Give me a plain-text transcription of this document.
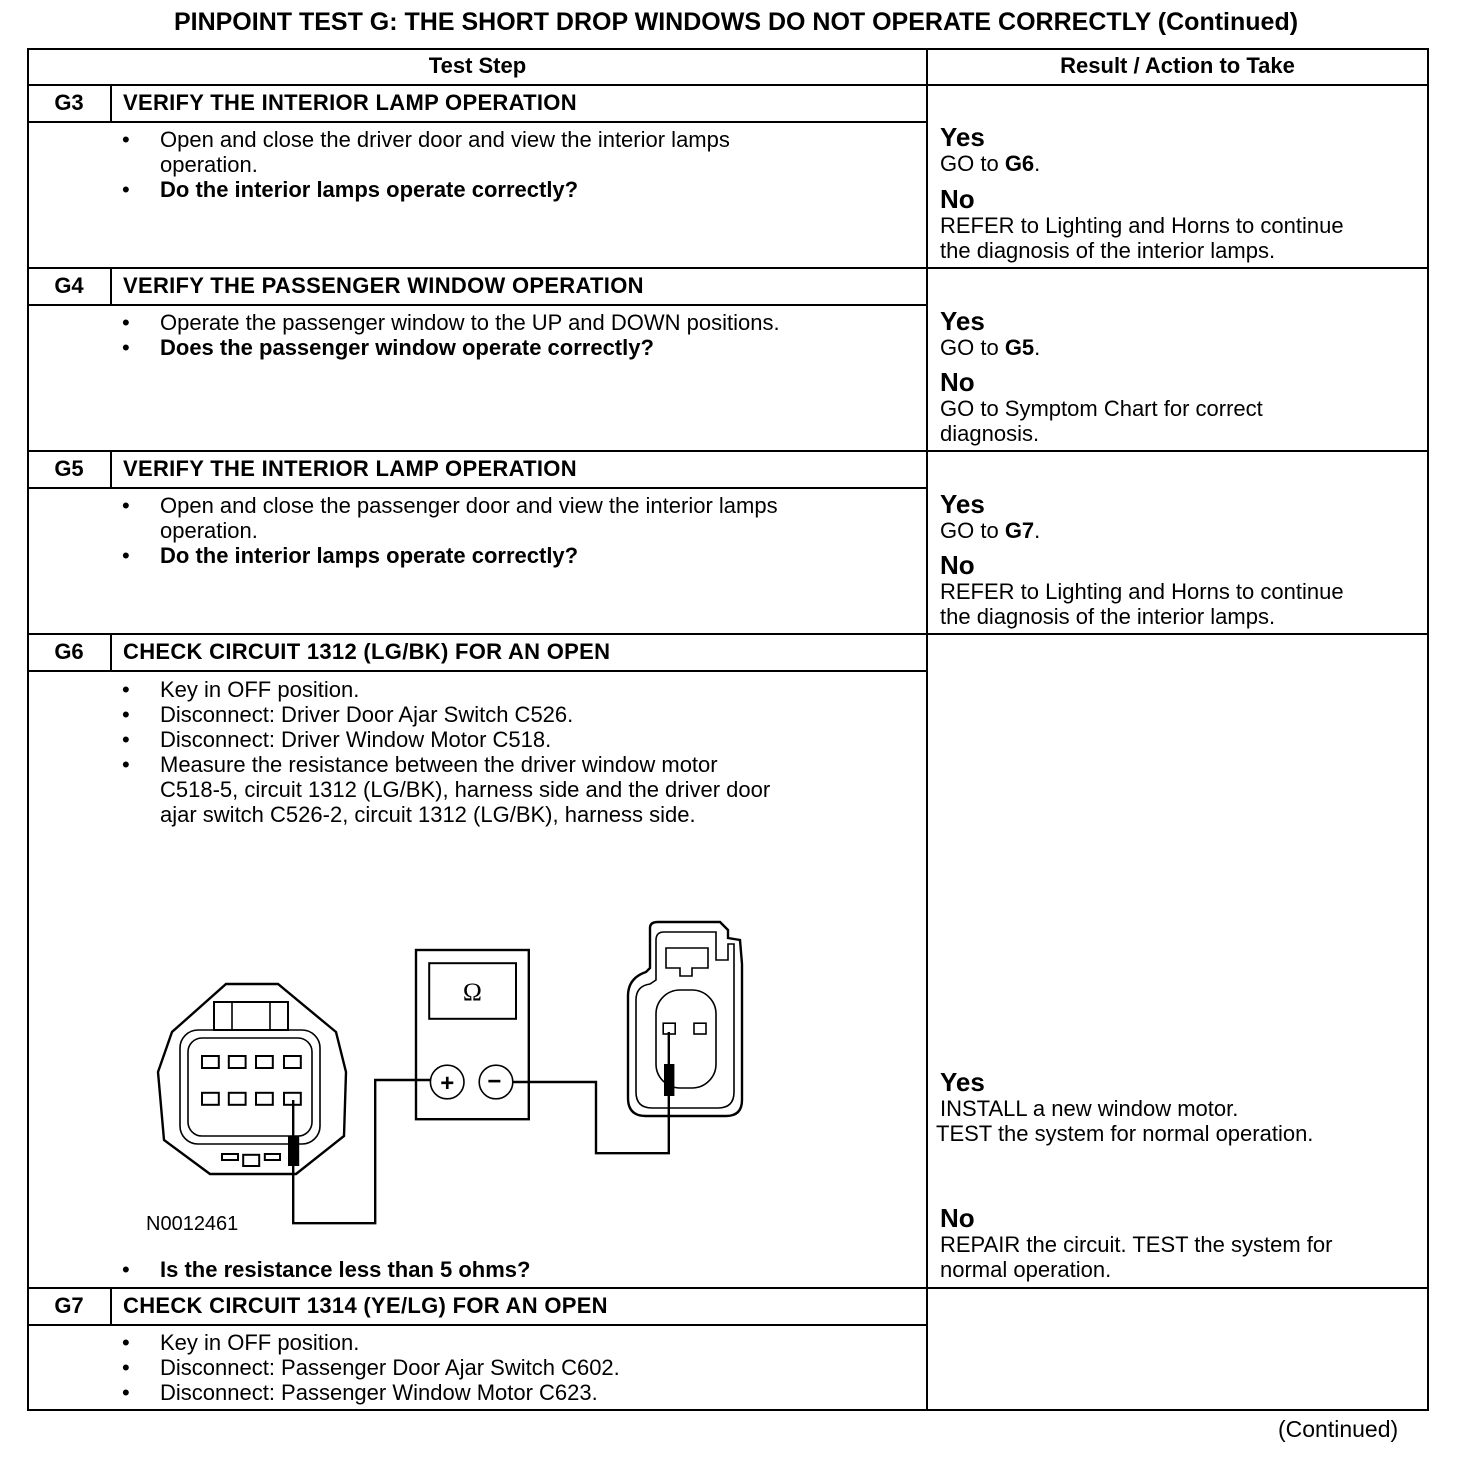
PINPOINT TEST G: THE SHORT DROP WINDOWS DO NOT OPERATE CORRECTLY (Continued)
Test Step	Result / Action to Take
G3	VERIFY THE INTERIOR LAMP OPERATION
• Open and close the driver door and view the interior lamps
operation.
• Do the interior lamps operate correctly?
Yes
GO to G6.
No
REFER to Lighting and Horns to continue
the diagnosis of the interior lamps.
G4	VERIFY THE PASSENGER WINDOW OPERATION
• Operate the passenger window to the UP and DOWN positions.
• Does the passenger window operate correctly?
Yes
GO to G5.
No
GO to Symptom Chart for correct
diagnosis.
G5	VERIFY THE INTERIOR LAMP OPERATION
• Open and close the passenger door and view the interior lamps
operation.
• Do the interior lamps operate correctly?
Yes
GO to G7.
No
REFER to Lighting and Horns to continue
the diagnosis of the interior lamps.
G6	CHECK CIRCUIT 1312 (LG/BK) FOR AN OPEN
• Key in OFF position.
• Disconnect: Driver Door Ajar Switch C526.
• Disconnect: Driver Window Motor C518.
• Measure the resistance between the driver window motor
C518-5, circuit 1312 (LG/BK), harness side and the driver door
ajar switch C526-2, circuit 1312 (LG/BK), harness side.
Ω
+ −
N0012461
• Is the resistance less than 5 ohms?
Yes
INSTALL a new window motor.
TEST the system for normal operation.
No
REPAIR the circuit. TEST the system for
normal operation.
G7	CHECK CIRCUIT 1314 (YE/LG) FOR AN OPEN
• Key in OFF position.
• Disconnect: Passenger Door Ajar Switch C602.
• Disconnect: Passenger Window Motor C623.
(Continued)
